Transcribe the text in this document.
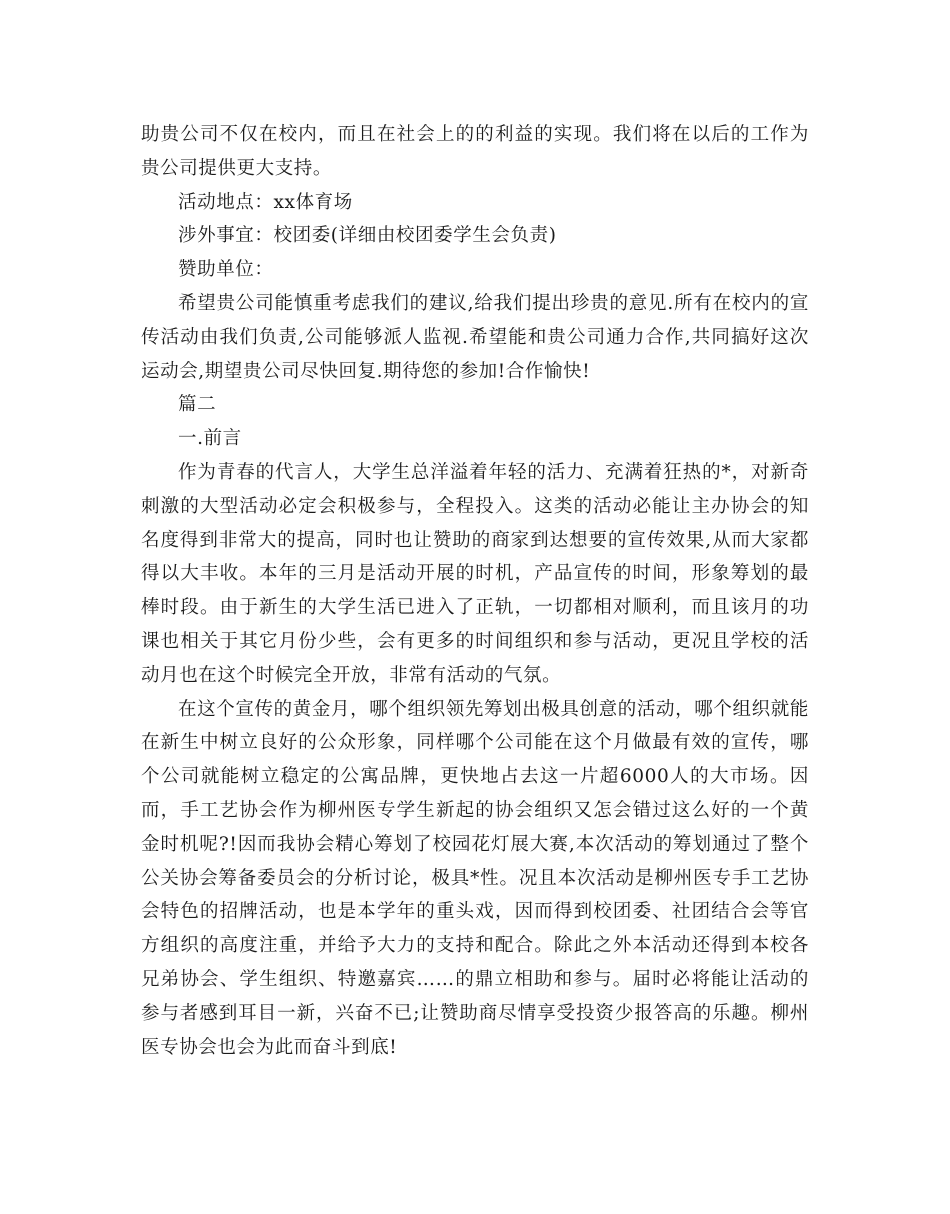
助贵公司不仅在校内，而且在社会上的的利益的实现。我们将在以后的工作为贵公司提供更大支持。

活动地点：xx体育场

涉外事宜：校团委(详细由校团委学生会负责)

赞助单位：

希望贵公司能慎重考虑我们的建议,给我们提出珍贵的意见.所有在校内的宣传活动由我们负责,公司能够派人监视.希望能和贵公司通力合作,共同搞好这次运动会,期望贵公司尽快回复.期待您的参加!合作愉快!

篇二

一.前言

作为青春的代言人，大学生总洋溢着年轻的活力、充满着狂热的*，对新奇刺激的大型活动必定会积极参与，全程投入。这类的活动必能让主办协会的知名度得到非常大的提高，同时也让赞助的商家到达想要的宣传效果,从而大家都得以大丰收。本年的三月是活动开展的时机，产品宣传的时间，形象筹划的最棒时段。由于新生的大学生活已进入了正轨，一切都相对顺利，而且该月的功课也相关于其它月份少些，会有更多的时间组织和参与活动，更况且学校的活动月也在这个时候完全开放，非常有活动的气氛。

在这个宣传的黄金月，哪个组织领先筹划出极具创意的活动，哪个组织就能在新生中树立良好的公众形象，同样哪个公司能在这个月做最有效的宣传，哪个公司就能树立稳定的公寓品牌，更快地占去这一片超6000人的大市场。因而，手工艺协会作为柳州医专学生新起的协会组织又怎会错过这么好的一个黄金时机呢?!因而我协会精心筹划了校园花灯展大赛,本次活动的筹划通过了整个公关协会筹备委员会的分析讨论，极具*性。况且本次活动是柳州医专手工艺协会特色的招牌活动，也是本学年的重头戏，因而得到校团委、社团结合会等官方组织的高度注重，并给予大力的支持和配合。除此之外本活动还得到本校各兄弟协会、学生组织、特邀嘉宾……的鼎立相助和参与。届时必将能让活动的参与者感到耳目一新，兴奋不已;让赞助商尽情享受投资少报答高的乐趣。柳州医专协会也会为此而奋斗到底!
